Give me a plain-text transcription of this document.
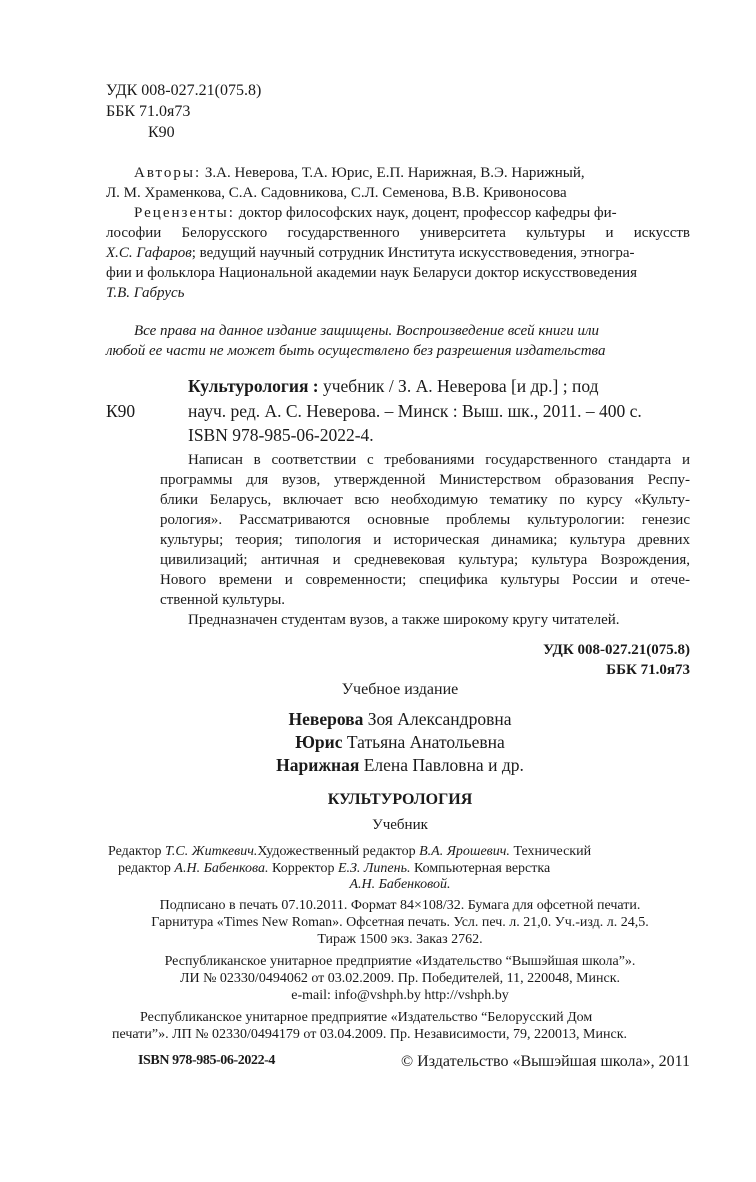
УДК 008-027.21(075.8)
ББК 71.0я73
К90
Авторы: З.А. Неверова, Т.А. Юрис, Е.П. Нарижная, В.Э. Нарижный,
Л. М. Храменкова, С.А. Садовникова, С.Л. Семенова, В.В. Кривоносова
Рецензенты: доктор философских наук, доцент, профессор кафедры фи-
лософии Белорусского государственного университета культуры и искусств
Х.С. Гафаров; ведущий научный сотрудник Института искусствоведения, этногра-
фии и фольклора Национальной академии наук Беларуси доктор искусствоведения
Т.В. Габрусь
Все права на данное издание защищены. Воспроизведение всей книги или
любой ее части не может быть осуществлено без разрешения издательства
Культурология : учебник / З. А. Неверова [и др.] ; под
К90	науч. ред. А. С. Неверова. – Минск : Выш. шк., 2011. – 400 с.
ISBN 978-985-06-2022-4.
Написан в соответствии с требованиями государственного стандарта и
программы для вузов, утвержденной Министерством образования Респу-
блики Беларусь, включает всю необходимую тематику по курсу «Культу-
рология». Рассматриваются основные проблемы культурологии: генезис
культуры; теория; типология и историческая динамика; культура древних
цивилизаций; античная и средневековая культура; культура Возрождения,
Нового времени и современности; специфика культуры России и отече-
ственной культуры.
Предназначен студентам вузов, а также широкому кругу читателей.
УДК 008-027.21(075.8)
ББК 71.0я73
Учебное издание
Неверова Зоя Александровна
Юрис Татьяна Анатольевна
Нарижная Елена Павловна и др.
КУЛЬТУРОЛОГИЯ
Учебник
Редактор Т.С. Житкевич.Художественный редактор В.А. Ярошевич. Технический
редактор А.Н. Бабенкова. Корректор Е.З. Липень. Компьютерная верстка
А.Н. Бабенковой.
Подписано в печать 07.10.2011. Формат 84×108/32. Бумага для офсетной печати.
Гарнитура «Times New Roman». Офсетная печать. Усл. печ. л. 21,0. Уч.-изд. л. 24,5.
Тираж 1500 экз. Заказ 2762.
Республиканское унитарное предприятие «Издательство “Вышэйшая школа”».
ЛИ № 02330/0494062 от 03.02.2009. Пр. Победителей, 11, 220048, Минск.
e-mail: info@vshph.by http://vshph.by
Республиканское унитарное предприятие «Издательство “Белорусский Дом
печати”». ЛП № 02330/0494179 от 03.04.2009. Пр. Независимости, 79, 220013, Минск.
ISBN 978-985-06-2022-4	© Издательство «Вышэйшая школа», 2011
